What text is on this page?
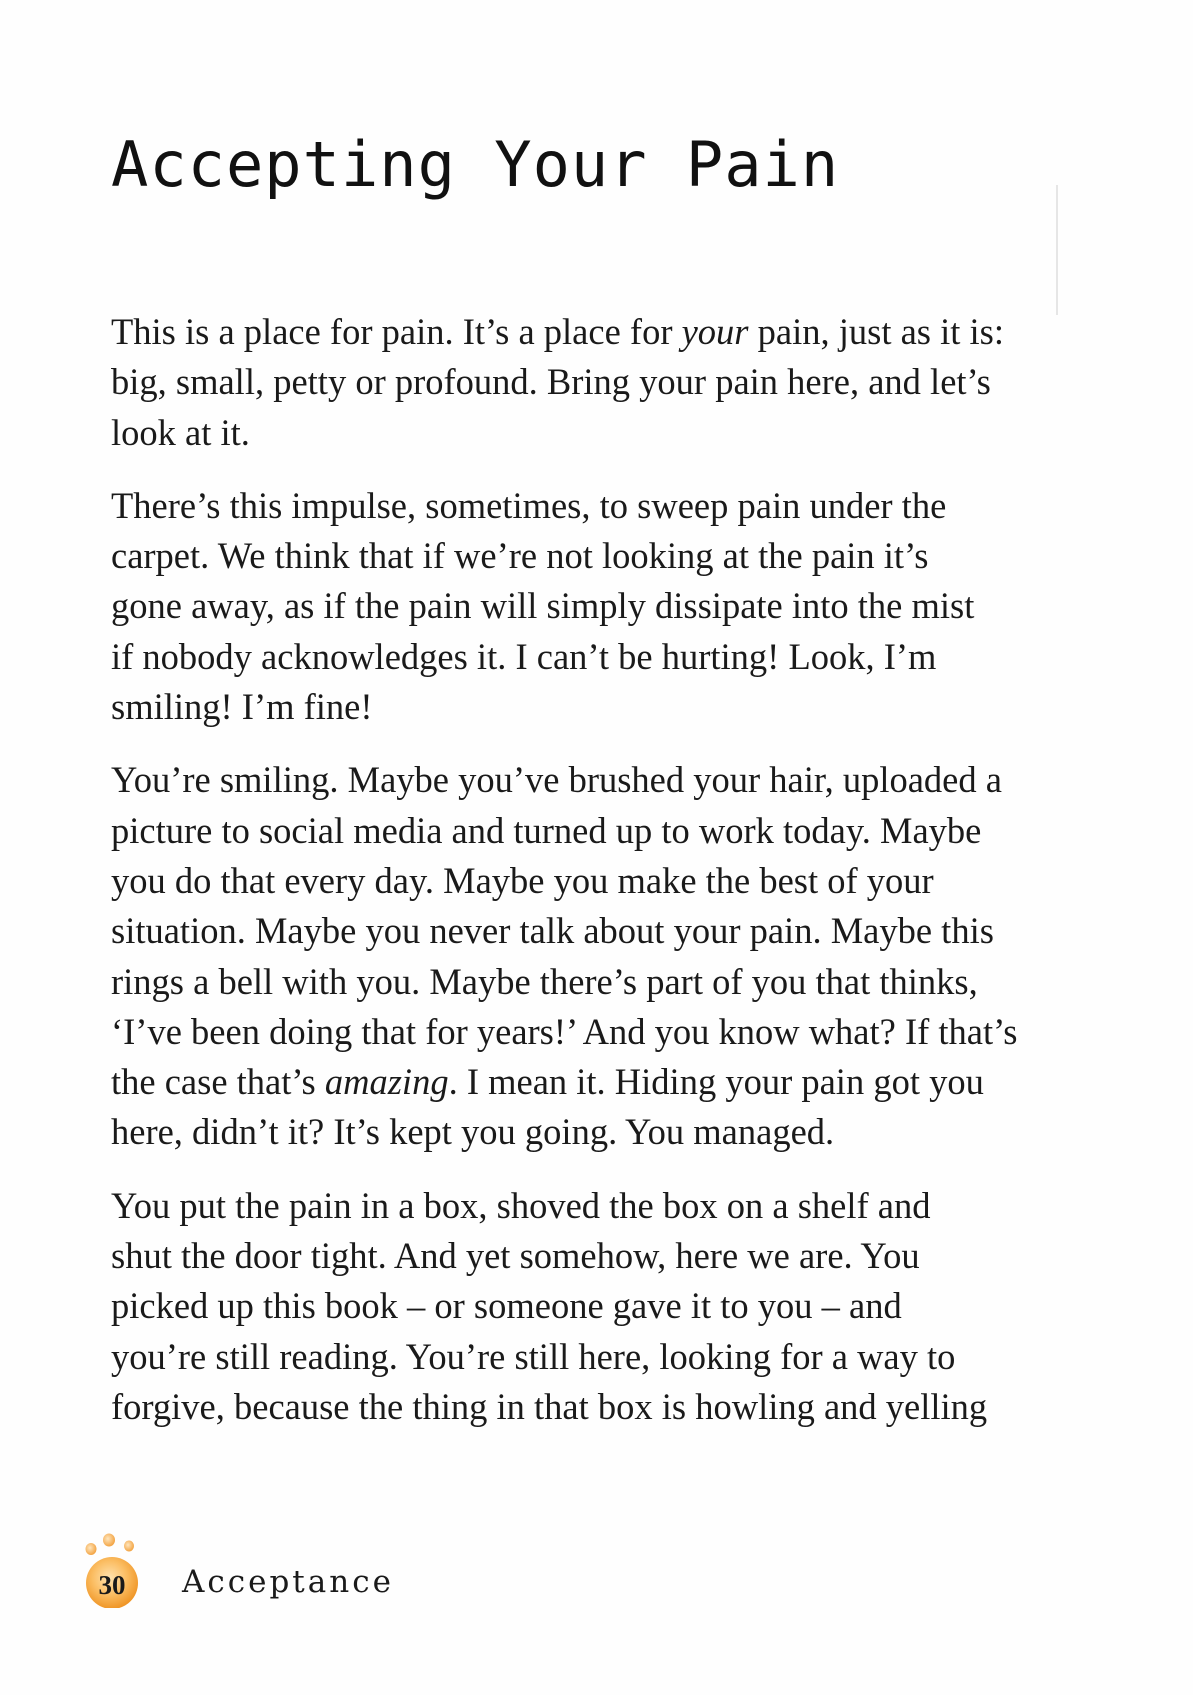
Accepting Your Pain

This is a place for pain. It’s a place for your pain, just as it is:
big, small, petty or profound. Bring your pain here, and let’s
look at it.

There’s this impulse, sometimes, to sweep pain under the
carpet. We think that if we’re not looking at the pain it’s
gone away, as if the pain will simply dissipate into the mist
if nobody acknowledges it. I can’t be hurting! Look, I’m
smiling! I’m fine!

You’re smiling. Maybe you’ve brushed your hair, uploaded a
picture to social media and turned up to work today. Maybe
you do that every day. Maybe you make the best of your
situation. Maybe you never talk about your pain. Maybe this
rings a bell with you. Maybe there’s part of you that thinks,
‘I’ve been doing that for years!’ And you know what? If that’s
the case that’s amazing. I mean it. Hiding your pain got you
here, didn’t it? It’s kept you going. You managed.

You put the pain in a box, shoved the box on a shelf and
shut the door tight. And yet somehow, here we are. You
picked up this book – or someone gave it to you – and
you’re still reading. You’re still here, looking for a way to
forgive, because the thing in that box is howling and yelling

30	Acceptance
